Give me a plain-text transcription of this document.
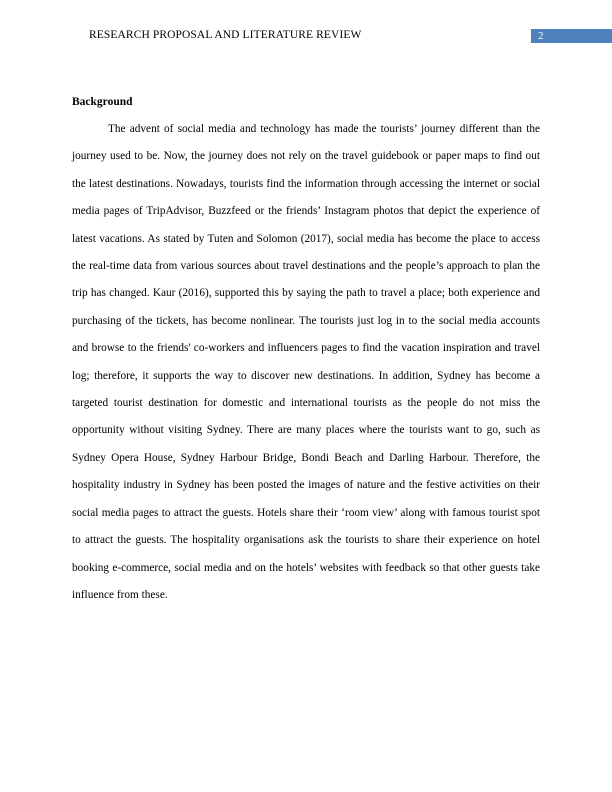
RESEARCH PROPOSAL AND LITERATURE REVIEW	2
Background

The advent of social media and technology has made the tourists’ journey different than the journey used to be. Now, the journey does not rely on the travel guidebook or paper maps to find out the latest destinations. Nowadays, tourists find the information through accessing the internet or social media pages of TripAdvisor, Buzzfeed or the friends’ Instagram photos that depict the experience of latest vacations. As stated by Tuten and Solomon (2017), social media has become the place to access the real-time data from various sources about travel destinations and the people’s approach to plan the trip has changed. Kaur (2016), supported this by saying the path to travel a place; both experience and purchasing of the tickets, has become nonlinear. The tourists just log in to the social media accounts and browse to the friends' co-workers and influencers pages to find the vacation inspiration and travel log; therefore, it supports the way to discover new destinations. In addition, Sydney has become a targeted tourist destination for domestic and international tourists as the people do not miss the opportunity without visiting Sydney. There are many places where the tourists want to go, such as Sydney Opera House, Sydney Harbour Bridge, Bondi Beach and Darling Harbour. Therefore, the hospitality industry in Sydney has been posted the images of nature and the festive activities on their social media pages to attract the guests. Hotels share their ‘room view’ along with famous tourist spot to attract the guests. The hospitality organisations ask the tourists to share their experience on hotel booking e-commerce, social media and on the hotels’ websites with feedback so that other guests take influence from these.
